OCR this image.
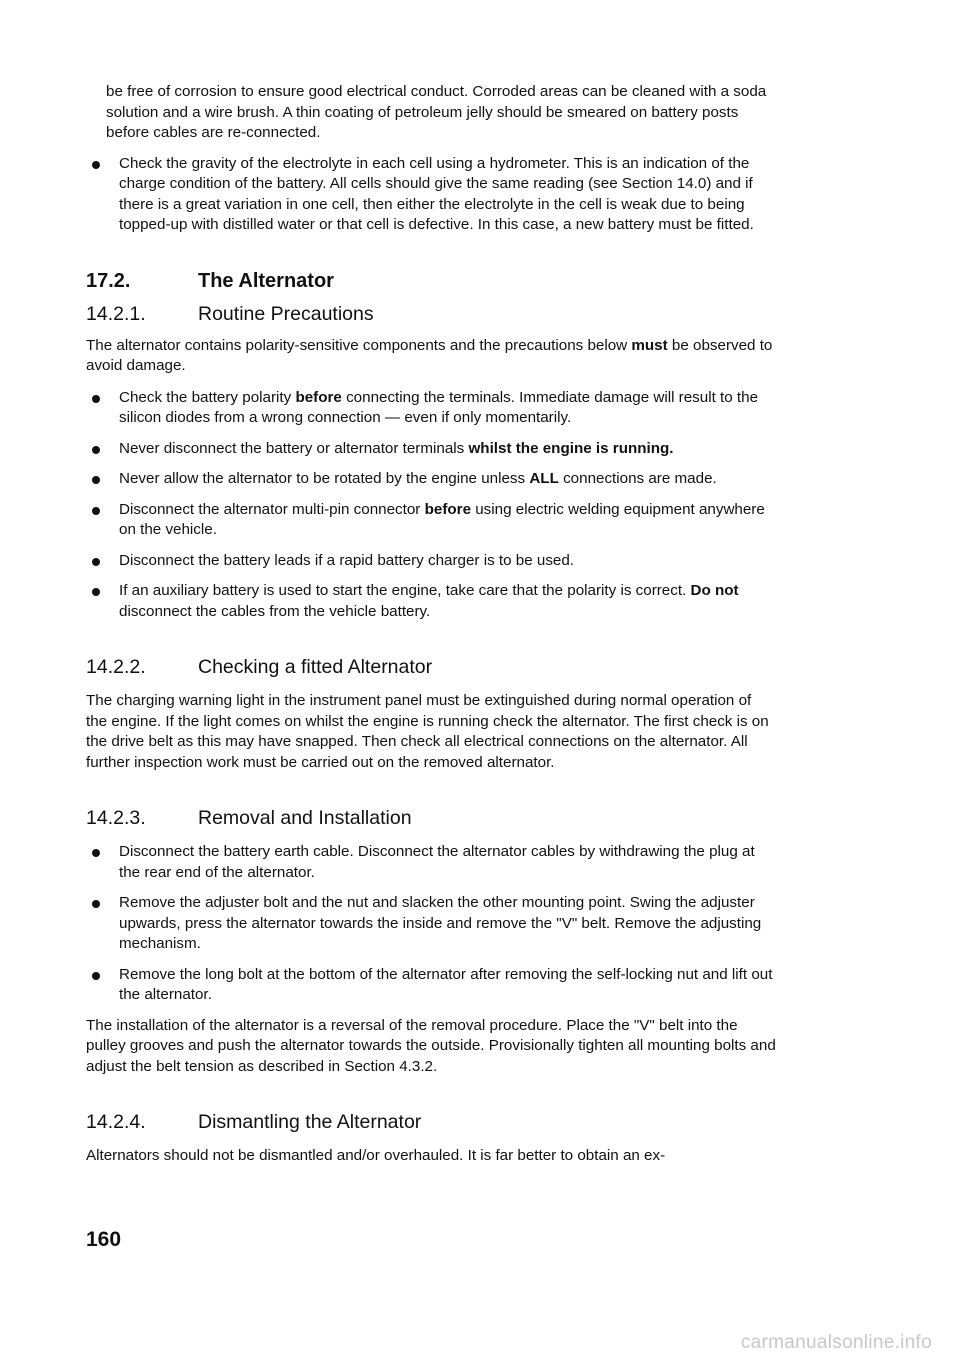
be free of corrosion to ensure good electrical conduct. Corroded areas can be cleaned with a soda solution and a wire brush. A thin coating of petroleum jelly should be smeared on battery posts before cables are re-connected.

Check the gravity of the electrolyte in each cell using a hydrometer. This is an indication of the charge condition of the battery. All cells should give the same reading (see Section 14.0) and if there is a great variation in one cell, then either the electrolyte in the cell is weak due to being topped-up with distilled water or that cell is defective. In this case, a new battery must be fitted.

17.2.	The Alternator
14.2.1.	Routine Precautions

The alternator contains polarity-sensitive components and the precautions below must be observed to avoid damage.

Check the battery polarity before connecting the terminals. Immediate damage will result to the silicon diodes from a wrong connection — even if only momentarily.

Never disconnect the battery or alternator terminals whilst the engine is running.

Never allow the alternator to be rotated by the engine unless ALL connections are made.

Disconnect the alternator multi-pin connector before using electric welding equipment anywhere on the vehicle.

Disconnect the battery leads if a rapid battery charger is to be used.

If an auxiliary battery is used to start the engine, take care that the polarity is correct. Do not disconnect the cables from the vehicle battery.

14.2.2.	Checking a fitted Alternator

The charging warning light in the instrument panel must be extinguished during normal operation of the engine. If the light comes on whilst the engine is running check the alternator. The first check is on the drive belt as this may have snapped. Then check all electrical connections on the alternator. All further inspection work must be carried out on the removed alternator.

14.2.3.	Removal and Installation

Disconnect the battery earth cable. Disconnect the alternator cables by withdrawing the plug at the rear end of the alternator.

Remove the adjuster bolt and the nut and slacken the other mounting point. Swing the adjuster upwards, press the alternator towards the inside and remove the "V" belt. Remove the adjusting mechanism.

Remove the long bolt at the bottom of the alternator after removing the self-locking nut and lift out the alternator.

The installation of the alternator is a reversal of the removal procedure. Place the "V" belt into the pulley grooves and push the alternator towards the outside. Provisionally tighten all mounting bolts and adjust the belt tension as described in Section 4.3.2.

14.2.4.	Dismantling the Alternator

Alternators should not be dismantled and/or overhauled. It is far better to obtain an ex-

160
carmanualsonline.info
